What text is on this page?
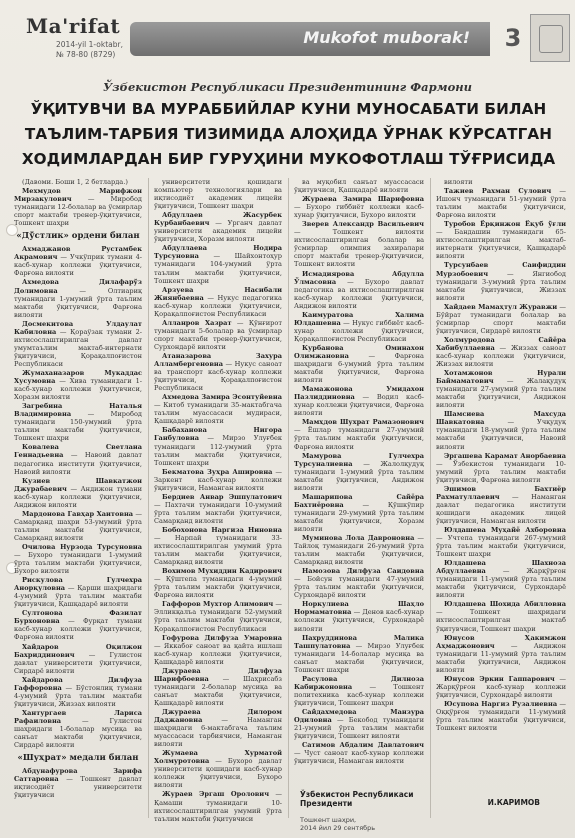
Ma'rifat
2014-yil 1-oktabr,
№ 78-80 (8729)
Mukofot muborak!	3
Ўзбекистон Республикаси Президентининг Фармони
ЎҚИТУВЧИ ВА МУРАББИЙЛАР КУНИ МУНОСАБАТИ БИЛАН ТАЪЛИМ-ТАРБИЯ ТИЗИМИДА АЛОҲИДА ЎРНАК КЎРСАТГАН ХОДИМЛАРДАН БИР ГУРУҲИНИ МУКОФОТЛАШ ТЎҒРИСИДА

(Давоми. Боши 1, 2 бетларда.)

Мехмудов Марифжон Мирзакулович — Миробод туманидаги 12-болалар ва ўсмирлар спорт мактаби тренер-ўқитувчиси, Тошкент шаҳри

«Дўстлик» ордени билан

Ахмаджанов Рустамбек Акрамович — Учкўприк тумани 4-касб-хунар коллежи ўқитувчиси, Фарғона вилояти

Ахмедова Дилафарўз Долимовна — Олтиариқ туманидаги 1-умумий ўрта таълим мактаби ўқитувчиси, Фарғона вилояти

Досмекитова Улдаулат Кабиловна — Қораўзак тумани 2-ихтисослаштирилган давлат умумтаълим мактаб-интернати ўқитувчиси, Қорақалпоғистон Республикаси

Жумаханазаров Мукаддас Хусумовна — Хива туманидаги 1-касб-хунар коллежи ўқитувчиси, Хоразм вилояти

Загребина Наталья Владимировна — Миробод туманидаги 150-умумий ўрта таълим мактаби ўқитувчиси, Тошкент шаҳри

Ковалева Светлана Геннадьевна — Навоий давлат педагогика институти ўқитувчиси, Навоий вилояти

Кузиев Шавкатжон Джурабаевич — Андижон тумани касб-хунар коллежи ўқитувчиси, Андижон вилояти

Мардонова Гавҳар Хаитовна — Самарқанд шаҳри 53-умумий ўрта таълим мактаби ўқитувчиси, Самарқанд вилояти

Очилова Нурзода Турсуновна — Бухоро туманидаги 1-умумий ўрта таълим мактаби ўқитувчиси, Бухоро вилояти

Рискулова Гулчехра Анорқуловна — Қарши шаҳридаги 4-умумий ўрта таълим мактаби ўқитувчиси, Қашқадарё вилояти

Султонова Фазилат Бурхоновна — Фурқат тумани касб-хунар коллежи ўқитувчиси, Фарғона вилояти

Хайдаров Оқилжон Бахриддинович — Гулистон давлат университети ўқитувчиси, Сирдарё вилояти

Хайдарова Дилфуза Гаффоровна — Бўстонлиқ тумани 4-умумий ўрта таълим мактаби ўқитувчиси, Жиззах вилояти

Хантургаев Лариса Рафаиловна — Гулистон шаҳридаги 1-болалар мусиқа ва санъат мактаби ўқитувчиси, Сирдарё вилояти

«Шуҳрат» медали билан

Абдунафурова Зарифа Саттаровна — Тошкент давлат иқтисодиёт университети ўқитувчиси

университети қошидаги компьютер технологиялари ва иқтисодиёт академик лицейи ўқитувчиси, Тошкент шаҳри

Абдуллаев Жасурбек Курбанбаевич — Урганч давлат университети академик лицейи ўқитувчиси, Хоразм вилояти

Абдуллаева Нодира Турсуновна — Шайхонтоҳур туманидаги 104-умумий ўрта таълим мактаби ўқитувчиси, Тошкент шаҳри

Арзуева Насибали Жиянбаевна — Нукус педагогика касб-хунар коллежи ўқитувчиси, Қорақалпоғистон Республикаси

Алланров Хазрат — Қўнғирот туманидаги 5-болалар ва ўсмирлар спорт мактаби тренер-ўқитувчиси, Сурхондарё вилояти

Атаназарова Захура Алламбергеновна — Нукус саноат ва транспорт касб-хунар коллежи ўқитувчиси, Қорақалпоғистон Республикаси

Ахмедова Замира Эсонтуйевна — Китоб туманидаги 35-мактабгача таълим муассасаси мудираси, Қашқадарё вилояти

Бабаханова Нигора Ганбуловна — Мирзо Улуғбек туманидаги 112-умумий ўрта таълим мактаби ўқитувчиси, Тошкент шаҳри

Бекматова Зуҳра Ашировна — Заркент касб-хунар коллежи ўқитувчиси, Наманган вилояти

Бердиев Анвар Эшпулатович — Пахтачи туманидаги 10-умумий ўрта таълим мактаби ўқитувчиси, Самарқанд вилояти

Бобохонова Наргиза Ниновна — Нарпай туманидаги 33-ихтисослаштирилган умумий ўрта таълим мактаби ўқитувчиси, Самарқанд вилояти

Вохимов Мухиддин Кадирович — Қўштепа туманидаги 4-умумий ўрта таълим мактаби ўқитувчиси, Фарғона вилояти

Гаффоров Мухтор Алимович — Элликқалъа туманидаги 52-умумий ўрта таълим мактаби ўқитувчиси, Қорақалпоғистон Республикаси

Гофурова Дилфуза Умаровна — Яккабоғ саноат ва қайта ишлаш касб-хунар коллежи ўқитувчиси, Қашқадарё вилояти

Джураева Дилфуза Шарифбоевна — Шаҳрисабз туманидаги 2-болалар мусиқа ва санъат мактаби ўқитувчиси, Қашқадарё вилояти

Джураева Дилором Даджановна — Наманган шаҳридаги 6-мактабгача таълим муассасаси тарбиячиси, Наманган вилояти

Жумаева Хурматой Холмуротовна — Бухоро давлат университети қошидаги касб-хунар коллежи ўқитувчиси, Бухоро вилояти

Жураев Эргаш Оролович — Қамаши туманидаги 10-ихтисослаштирилган умумий ўрта таълим мактаби ўқитувчиси

ва муқобил санъат муассасаси ўқитувчиси, Қашқадарё вилояти

Жураева Замира Шарифовна — Бухоро гиббиёт коллежи касб-хунар ўқитувчиси, Бухоро вилояти

Зверев Александр Васильевич — Тошкент вилояти ихтисослаштирилган болалар ва ўсмирлар олимпия захиралари спорт мактаби тренер-ўқитувчиси, Тошкент вилояти

Исмадиярова Абдулла Ўлмасовна — Бухоро давлат педагогика ва ихтисослаштирилган касб-хунар коллежи ўқитувчиси, Андижон вилояти

Каимуратова Халима Юлдашевна — Нукус гиббиёт касб-хунар коллежи ўқитувчиси, Қорақалпоғистон Республикаси

Курбанова Оминахон Олимжановна — Фарғона шаҳридаги 6-умумий ўрта таълим мактаби ўқитувчиси, Фарғона вилояти

Мамажонова Умидахон Пазлиддиновна — Водил касб-хунар коллежи ўқитувчиси, Фарғона вилояти

Мамҳдов Шухрат Рамазонович — Ёшлар туманидаги 27-умумий ўрта таълим мактаби ўқитувчиси, Фарғона вилояти

Мамурова Гулчехра Турсуналиевна — Жалолқудуқ туманидаги 1-умумий ўрта таълим мактаби ўқитувчиси, Андижон вилояти

Машарипова Сайёра Бахтиёровна — Қўшкўпир туманидаги 29-умумий ўрта таълим мактаби ўқитувчиси, Хоразм вилояти

Муминова Лола Давроновна — Тайлоқ туманидаги 26-умумий ўрта таълим мактаби ўқитувчиси, Самарқанд вилояти

Намозова Дилфуза Саидовна — Бойсун туманидаги 47-умумий ўрта таълим мактаби ўқитувчиси, Сурхондарё вилояти

Норкулиева Шаҳло Нормаматовна — Денов касб-хунар коллежи ўқитувчиси, Сурхондарё вилояти

Пахруддинова Малика Ташпулатовна — Мирзо Улуғбек туманидаги 14-болалар мусиқа ва санъат мактаби ўқитувчиси, Тошкент шаҳри

Расулова Дилноза Кабиржоновна — Тошкент политехника касб-хунар коллежи ўқитувчиси, Тошкент шаҳри

Сайдахмедова Манзура Одиловна — Бекобод туманидаги 21-умумий ўрта таълим мактаби ўқитувчиси, Тошкент вилояти

Сатимов Абдалим Давлатович — Чуст саноат касб-хунар коллежи ўқитувчиси, Наманган вилояти

вилояти

Тажиев Рахман Сулович — Ишонч туманидаги 51-умумий ўрта таълим мактаби ўқитувчиси, Фарғона вилояти

Туробов Ёрқинжон Ёқуб ўғли — Бандашин туманидаги 65-ихтисослаштирилган мактаб-интернати ўқитувчиси, Қашқадарё вилояти

Турсунбаев Саифиддин Мурзобоевич — Янгиобод туманидаги 3-умумий ўрта таълим мактаби ўқитувчиси, Жиззах вилояти

Хайдаев Мамаҳтул Журавжи — Бўйрат туманидаги болалар ва ўсмирлар спорт мактаби ўқитувчиси, Сирдарё вилояти

Холмуродова Сайёра Хабибуллаевна — Жиззах саноат касб-хунар коллежи ўқитувчиси, Жиззах вилояти

Хотамжонов Нурали Баймаматович — Жалақудуқ туманидаги 27-умумий ўрта таълим мактаби ўқитувчиси, Андижон вилояти

Шамсиева Махсуда Шавкатовна — Учқудуқ туманидаги 18-умумий ўрта таълим мактаби ўқитувчиси, Навоий вилояти

Эргашева Карамат Анорбаевна — Ўзбекистон туманидаги 10-умумий ўрта таълим мактаби ўқитувчиси, Фарғона вилояти

Эшимов Бахтиёр Рахматуллаевич — Наманган давлат педагогика институти қошидаги академик лицей ўқитувчиси, Наманган вилояти

Юлдашева Муҳайё Ахборовна — Учтепа туманидаги 267-умумий ўрта таълим мактаби ўқитувчиси, Тошкент шаҳри

Юлдашева Шахноза Абдуллаевна — Жарқўрғон туманидаги 11-умумий ўрта таълим мактаби ўқитувчиси, Сурхондарё вилояти

Юлдашева Шохида Абилловна — Тошкент шаҳридаги ихтисослаштирилган мактаб ўқитувчиси, Тошкент шаҳри

Юнусов Ҳакимжон Аҳмаджонович — Андижон туманидаги 11-умумий ўрта таълим мактаби ўқитувчиси, Андижон вилояти

Юнусов Эркин Гаппарович — Жарқўрғон касб-хунар коллежи ўқитувчиси, Сурхондарё вилояти

Юсупова Наргиз Рузалиевна — Оққўрғон туманидаги 11-умумий ўрта таълим мактаби ўқитувчиси, Тошкент вилояти

Ўзбекистон Республикаси Президенти	И.КАРИМОВ
Тошкент шаҳри,
2014 йил 29 сентябрь
